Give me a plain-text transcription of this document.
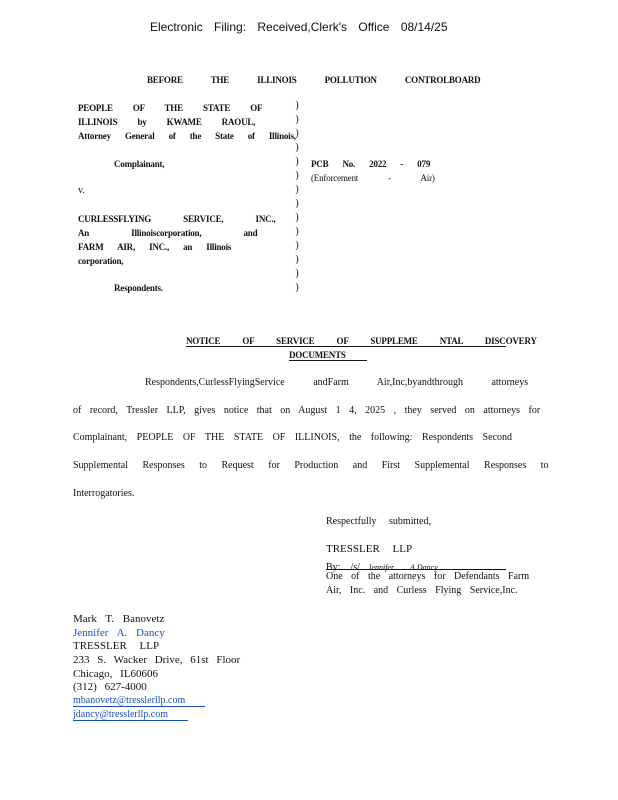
Electronic Filing: Received,Clerk's Office 08/14/25
BEFORE THE ILLINOIS POLLUTION CONTROLBOARD
PEOPLE OF THE STATE OF
ILLINOIS by KWAME RAOUL,
Attorney General of the State of Illinois,
Complainant,
v.
CURLESSFLYING SERVICE, INC.,
An Illinoiscorporation, and
FARM AIR, INC., an Illinois
corporation,
Respondents.
)
)
)
)
)
)
)
)
)
)
)
)
)
)
PCB No. 2022 - 079
(Enforcement - Air)
NOTICE OF SERVICE OF SUPPLEME NTAL DISCOVERY
DOCUMENTS
Respondents,CurlessFlyingService andFarm Air,Inc,byandthrough attorneys
of record, Tressler LLP, gives notice that on August 1 4, 2025 , they served on attorneys for
Complainant, PEOPLE OF THE STATE OF ILLINOIS, the following: Respondents Second
Supplemental Responses to Request for Production and First Supplemental Responses to
Interrogatories.
Respectfully submitted,
TRESSLER LLP
By: /s/ Jennifer A.Dancy
One of the attorneys for Defendants Farm
Air, Inc. and Curless Flying Service,Inc.
Mark T. Banovetz
Jennifer A. Dancy
TRESSLER LLP
233 S. Wacker Drive, 61st Floor
Chicago, IL60606
(312) 627-4000
mbanovetz@tresslerllp.com
jdancy@tresslerllp.com
